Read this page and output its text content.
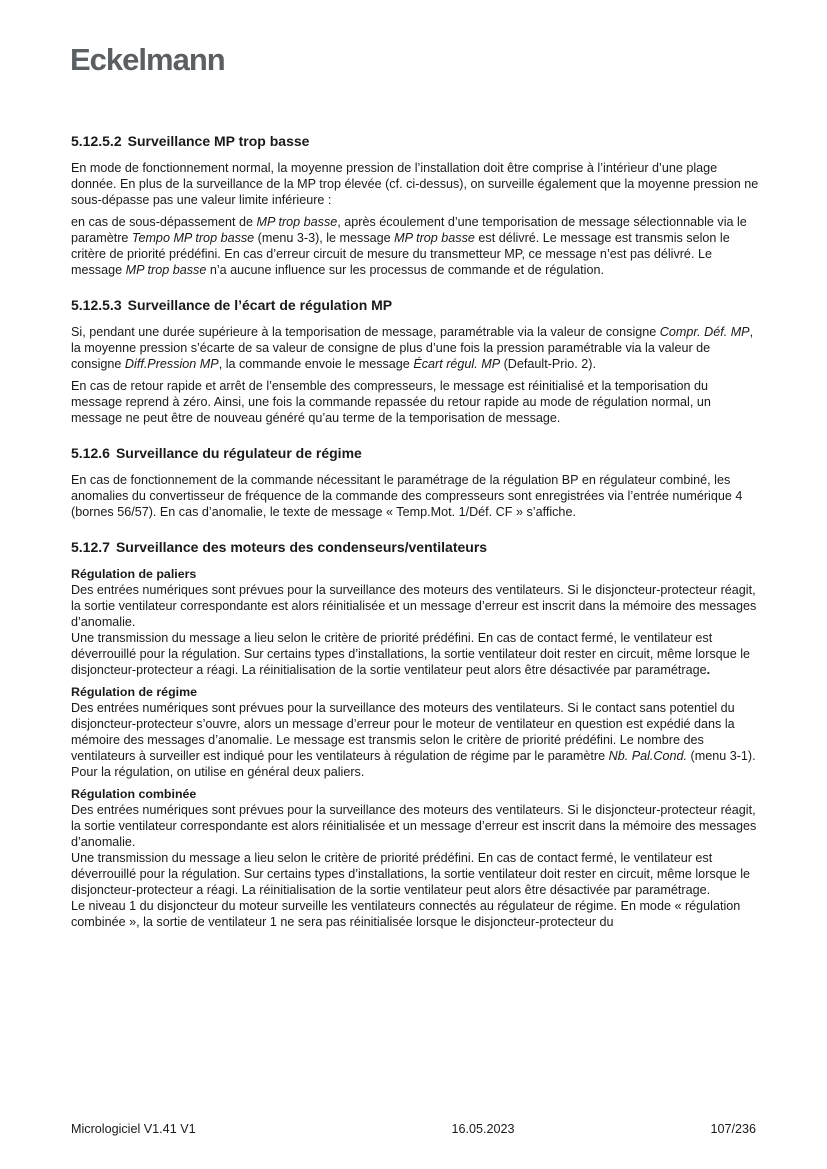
Eckelmann
5.12.5.2 Surveillance MP trop basse

En mode de fonctionnement normal, la moyenne pression de l’installation doit être comprise à l’intérieur d’une plage donnée. En plus de la surveillance de la MP trop élevée (cf. ci-dessus), on surveille également que la moyenne pression ne sous-dépasse pas une valeur limite inférieure :

en cas de sous-dépassement de MP trop basse, après écoulement d’une temporisation de message sélectionnable via le paramètre Tempo MP trop basse (menu 3-3), le message MP trop basse est délivré. Le message est transmis selon le critère de priorité prédéfini. En cas d’erreur circuit de mesure du transmetteur MP, ce message n’est pas délivré. Le message MP trop basse n’a aucune influence sur les processus de commande et de régulation.

5.12.5.3 Surveillance de l’écart de régulation MP

Si, pendant une durée supérieure à la temporisation de message, paramétrable via la valeur de consigne Compr. Déf. MP, la moyenne pression s’écarte de sa valeur de consigne de plus d’une fois la pression paramétrable via la valeur de consigne Diff.Pression MP, la commande envoie le message Écart régul. MP (Default-Prio. 2).

En cas de retour rapide et arrêt de l’ensemble des compresseurs, le message est réinitialisé et la temporisation du message reprend à zéro. Ainsi, une fois la commande repassée du retour rapide au mode de régulation normal, un message ne peut être de nouveau généré qu’au terme de la temporisation de message.

5.12.6 Surveillance du régulateur de régime

En cas de fonctionnement de la commande nécessitant le paramétrage de la régulation BP en régulateur combiné, les anomalies du convertisseur de fréquence de la commande des compresseurs sont enregistrées via l’entrée numérique 4 (bornes 56/57). En cas d’anomalie, le texte de message « Temp.Mot. 1/Déf. CF » s’affiche.

5.12.7 Surveillance des moteurs des condenseurs/ventilateurs

Régulation de paliers
Des entrées numériques sont prévues pour la surveillance des moteurs des ventilateurs. Si le disjoncteur-protecteur réagit, la sortie ventilateur correspondante est alors réinitialisée et un message d’erreur est inscrit dans la mémoire des messages d’anomalie.
Une transmission du message a lieu selon le critère de priorité prédéfini. En cas de contact fermé, le ventilateur est déverrouillé pour la régulation. Sur certains types d’installations, la sortie ventilateur doit rester en circuit, même lorsque le disjoncteur-protecteur a réagi. La réinitialisation de la sortie ventilateur peut alors être désactivée par paramétrage.

Régulation de régime
Des entrées numériques sont prévues pour la surveillance des moteurs des ventilateurs. Si le contact sans potentiel du disjoncteur-protecteur s’ouvre, alors un message d’erreur pour le moteur de ventilateur en question est expédié dans la mémoire des messages d’anomalie. Le message est transmis selon le critère de priorité prédéfini. Le nombre des ventilateurs à surveiller est indiqué pour les ventilateurs à régulation de régime par le paramètre Nb. Pal.Cond. (menu 3-1). Pour la régulation, on utilise en général deux paliers.

Régulation combinée
Des entrées numériques sont prévues pour la surveillance des moteurs des ventilateurs. Si le disjoncteur-protecteur réagit, la sortie ventilateur correspondante est alors réinitialisée et un message d’erreur est inscrit dans la mémoire des messages d’anomalie.
Une transmission du message a lieu selon le critère de priorité prédéfini. En cas de contact fermé, le ventilateur est déverrouillé pour la régulation. Sur certains types d’installations, la sortie ventilateur doit rester en circuit, même lorsque le disjoncteur-protecteur a réagi. La réinitialisation de la sortie ventilateur peut alors être désactivée par paramétrage.
Le niveau 1 du disjoncteur du moteur surveille les ventilateurs connectés au régulateur de régime. En mode « régulation combinée », la sortie de ventilateur 1 ne sera pas réinitialisée lorsque le disjoncteur-protecteur du

Micrologiciel V1.41 V1	16.05.2023	107/236
